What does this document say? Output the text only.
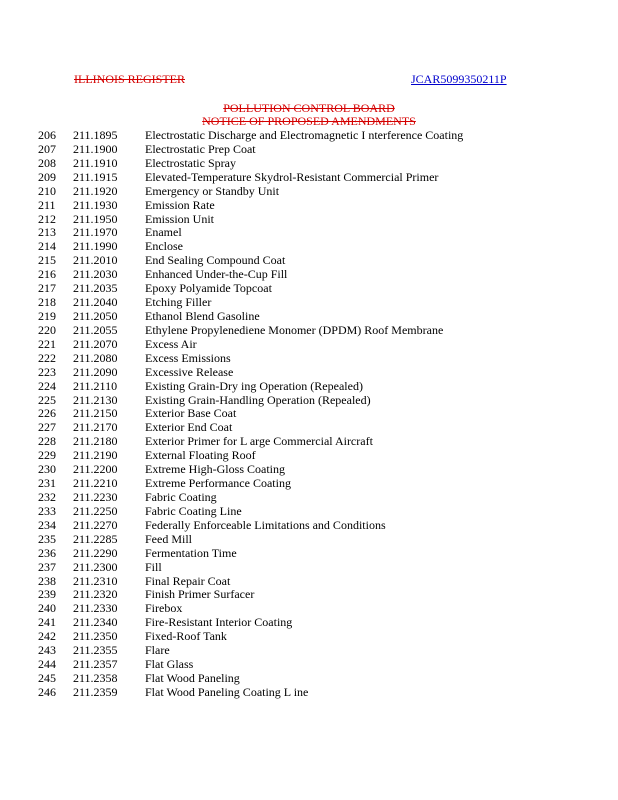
ILLINOIS REGISTER	JCAR5099350211P
POLLUTION CONTROL BOARD
NOTICE OF PROPOSED AMENDMENTS
206 211.1895 Electrostatic Discharge and Electromagnetic I nterference Coating
207 211.1900 Electrostatic Prep Coat
208 211.1910 Electrostatic Spray
209 211.1915 Elevated-Temperature Skydrol-Resistant Commercial Primer
210 211.1920 Emergency or Standby Unit
211 211.1930 Emission Rate
212 211.1950 Emission Unit
213 211.1970 Enamel
214 211.1990 Enclose
215 211.2010 End Sealing Compound Coat
216 211.2030 Enhanced Under-the-Cup Fill
217 211.2035 Epoxy Polyamide Topcoat
218 211.2040 Etching Filler
219 211.2050 Ethanol Blend Gasoline
220 211.2055 Ethylene Propylenediene Monomer (DPDM) Roof Membrane
221 211.2070 Excess Air
222 211.2080 Excess Emissions
223 211.2090 Excessive Release
224 211.2110 Existing Grain-Dry ing Operation (Repealed)
225 211.2130 Existing Grain-Handling Operation (Repealed)
226 211.2150 Exterior Base Coat
227 211.2170 Exterior End Coat
228 211.2180 Exterior Primer for L arge Commercial Aircraft
229 211.2190 External Floating Roof
230 211.2200 Extreme High-Gloss Coating
231 211.2210 Extreme Performance Coating
232 211.2230 Fabric Coating
233 211.2250 Fabric Coating Line
234 211.2270 Federally Enforceable Limitations and Conditions
235 211.2285 Feed Mill
236 211.2290 Fermentation Time
237 211.2300 Fill
238 211.2310 Final Repair Coat
239 211.2320 Finish Primer Surfacer
240 211.2330 Firebox
241 211.2340 Fire-Resistant Interior Coating
242 211.2350 Fixed-Roof Tank
243 211.2355 Flare
244 211.2357 Flat Glass
245 211.2358 Flat Wood Paneling
246 211.2359 Flat Wood Paneling Coating L ine
